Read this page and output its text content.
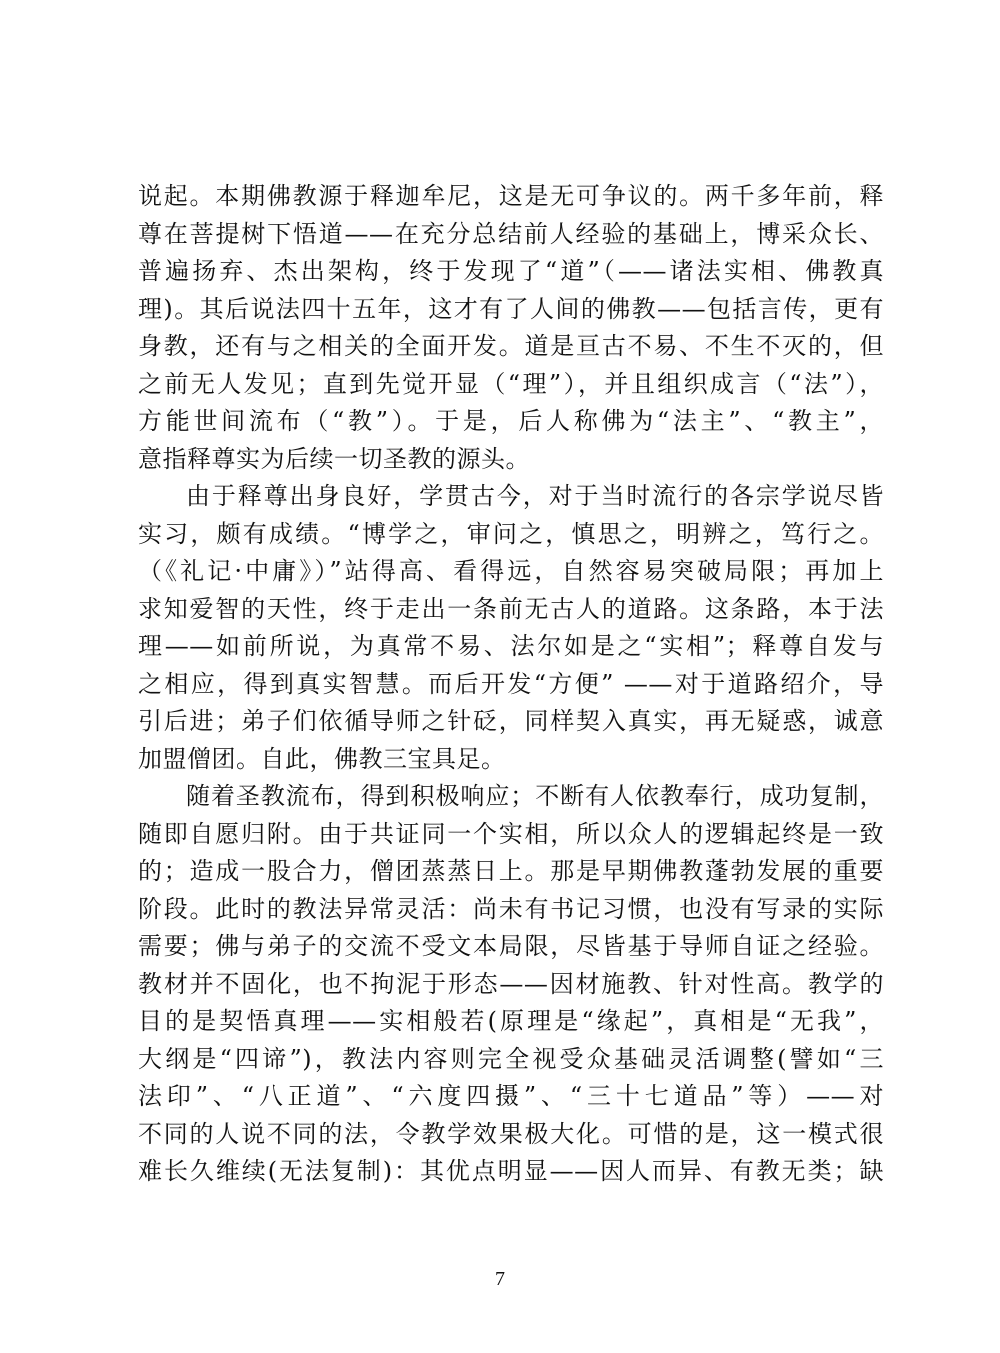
说起。本期佛教源于释迦牟尼，这是无可争议的。两千多年前，释
尊在菩提树下悟道——在充分总结前人经验的基础上，博采众长、
普遍扬弃、杰出架构，终于发现了“道”（——诸法实相、佛教真
理)。其后说法四十五年，这才有了人间的佛教——包括言传，更有
身教，还有与之相关的全面开发。道是亘古不易、不生不灭的，但
之前无人发见；直到先觉开显（“理”），并且组织成言（“法”），
方能世间流布（“教”）。于是，后人称佛为“法主”、“教主”，
意指释尊实为后续一切圣教的源头。
由于释尊出身良好，学贯古今，对于当时流行的各宗学说尽皆
实习，颇有成绩。“博学之，审问之，慎思之，明辨之，笃行之。
（《礼记·中庸》）”站得高、看得远，自然容易突破局限；再加上
求知爱智的天性，终于走出一条前无古人的道路。这条路，本于法
理——如前所说，为真常不易、法尔如是之“实相”；释尊自发与
之相应，得到真实智慧。而后开发“方便” ——对于道路绍介，导
引后进；弟子们依循导师之针砭，同样契入真实，再无疑惑，诚意
加盟僧团。自此，佛教三宝具足。
随着圣教流布，得到积极响应；不断有人依教奉行，成功复制，
随即自愿归附。由于共证同一个实相，所以众人的逻辑起终是一致
的；造成一股合力，僧团蒸蒸日上。那是早期佛教蓬勃发展的重要
阶段。此时的教法异常灵活：尚未有书记习惯，也没有写录的实际
需要；佛与弟子的交流不受文本局限，尽皆基于导师自证之经验。
教材并不固化，也不拘泥于形态——因材施教、针对性高。教学的
目的是契悟真理——实相般若(原理是“缘起”，真相是“无我”，
大纲是“四谛”)，教法内容则完全视受众基础灵活调整(譬如“三
法印”、“八正道”、“六度四摄”、“三十七道品”等）——对
不同的人说不同的法，令教学效果极大化。可惜的是，这一模式很
难长久维续(无法复制)：其优点明显——因人而异、有教无类；缺
7
